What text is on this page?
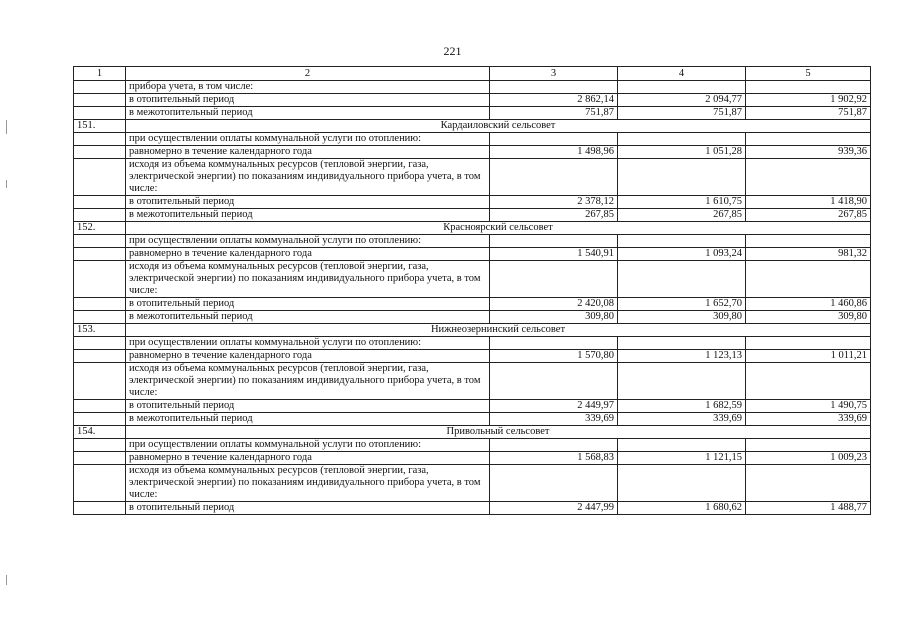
221
1	2	3	4	5
	прибора учета, в том числе:			
	в отопительный период	2 862,14	2 094,77	1 902,92
	в межотопительный период	751,87	751,87	751,87
151.	Кардаиловский сельсовет			
	при осуществлении оплаты коммунальной услуги по отоплению:			
	равномерно в течение календарного года	1 498,96	1 051,28	939,36
	исходя из объема коммунальных ресурсов (тепловой энергии, газа, электрической энергии) по показаниям индивидуального прибора учета, в том числе:			
	в отопительный период	2 378,12	1 610,75	1 418,90
	в межотопительный период	267,85	267,85	267,85
152.	Красноярский сельсовет			
	при осуществлении оплаты коммунальной услуги по отоплению:			
	равномерно в течение календарного года	1 540,91	1 093,24	981,32
	исходя из объема коммунальных ресурсов (тепловой энергии, газа, электрической энергии) по показаниям индивидуального прибора учета, в том числе:			
	в отопительный период	2 420,08	1 652,70	1 460,86
	в межотопительный период	309,80	309,80	309,80
153.	Нижнеозернинский сельсовет			
	при осуществлении оплаты коммунальной услуги по отоплению:			
	равномерно в течение календарного года	1 570,80	1 123,13	1 011,21
	исходя из объема коммунальных ресурсов (тепловой энергии, газа, электрической энергии) по показаниям индивидуального прибора учета, в том числе:			
	в отопительный период	2 449,97	1 682,59	1 490,75
	в межотопительный период	339,69	339,69	339,69
154.	Привольный сельсовет			
	при осуществлении оплаты коммунальной услуги по отоплению:			
	равномерно в течение календарного года	1 568,83	1 121,15	1 009,23
	исходя из объема коммунальных ресурсов (тепловой энергии, газа, электрической энергии) по показаниям индивидуального прибора учета, в том числе:			
	в отопительный период	2 447,99	1 680,62	1 488,77
